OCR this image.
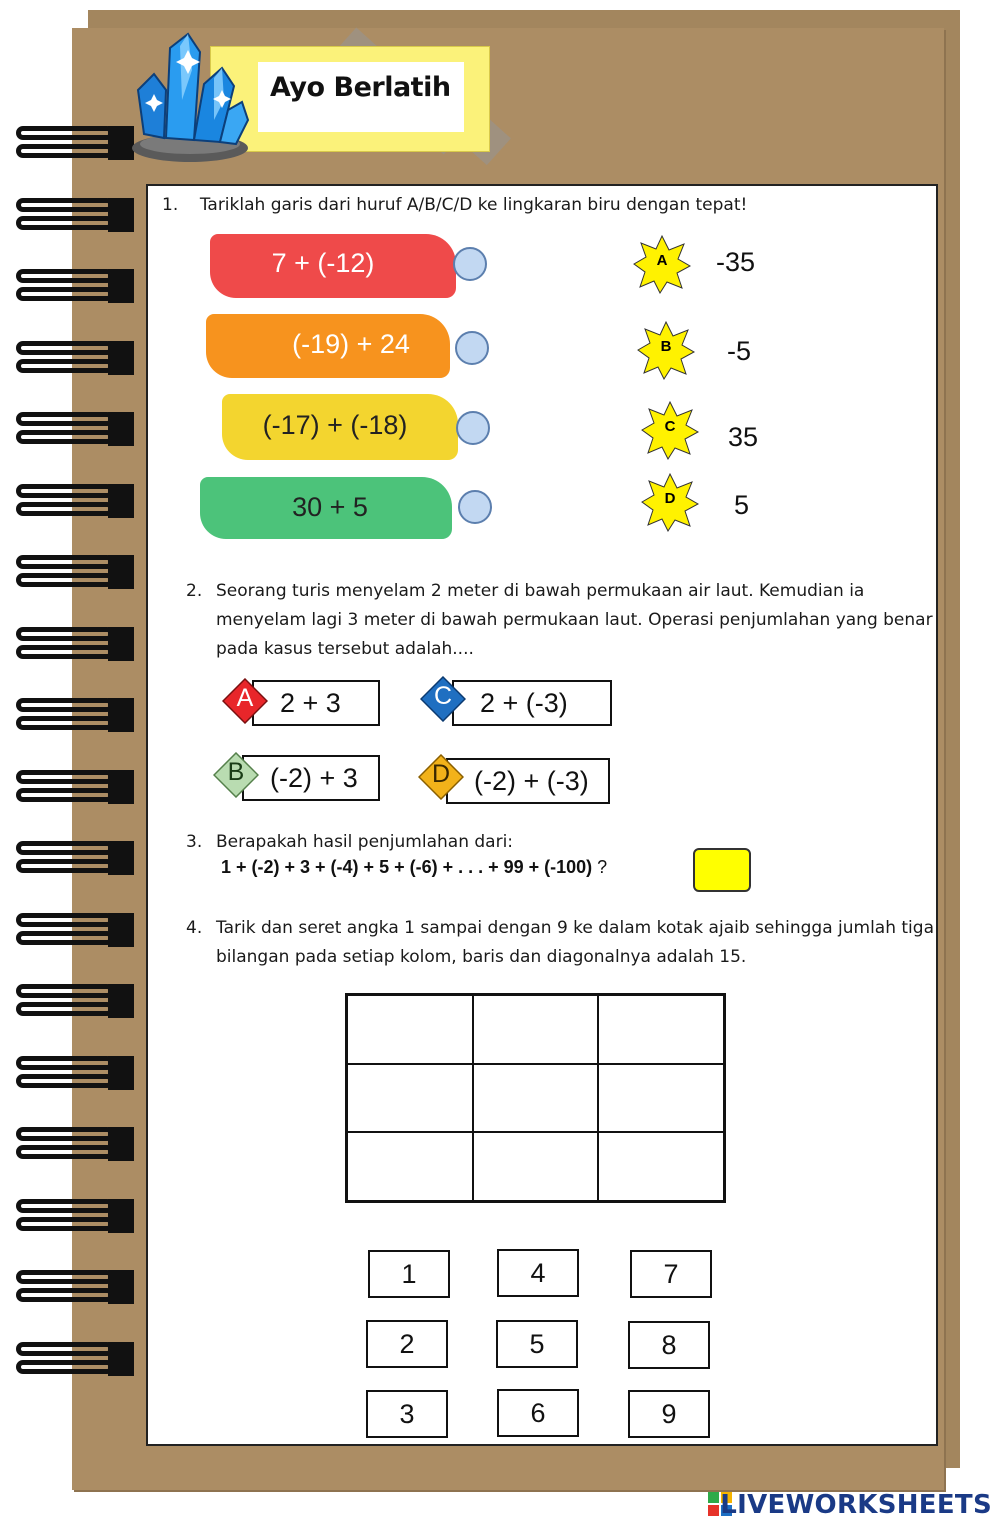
Ayo Berlatih
1.    Tariklah garis dari huruf A/B/C/D ke lingkaran biru dengan tepat!
7 + (-12)
(-19) + 24
(-17) + (-18)
30 + 5
A	-35
B	-5
C	35
D	5
2. Seorang turis menyelam 2 meter di bawah permukaan air laut. Kemudian ia
menyelam lagi 3 meter di bawah permukaan laut. Operasi penjumlahan yang benar
pada kasus tersebut adalah....
2 + 3
A	2 + (-3)
C
(-2) + 3
B	(-2) + (-3)
D
3. Berapakah hasil penjumlahan dari:
1 + (-2) + 3 + (-4) + 5 + (-6) + . . . + 99 + (-100) ?
4. Tarik dan seret angka 1 sampai dengan 9 ke dalam kotak ajaib sehingga jumlah tiga
bilangan pada setiap kolom, baris dan diagonalnya adalah 15.
1	4	7
2	5	8
3	6	9
LIVEWORKSHEETS
